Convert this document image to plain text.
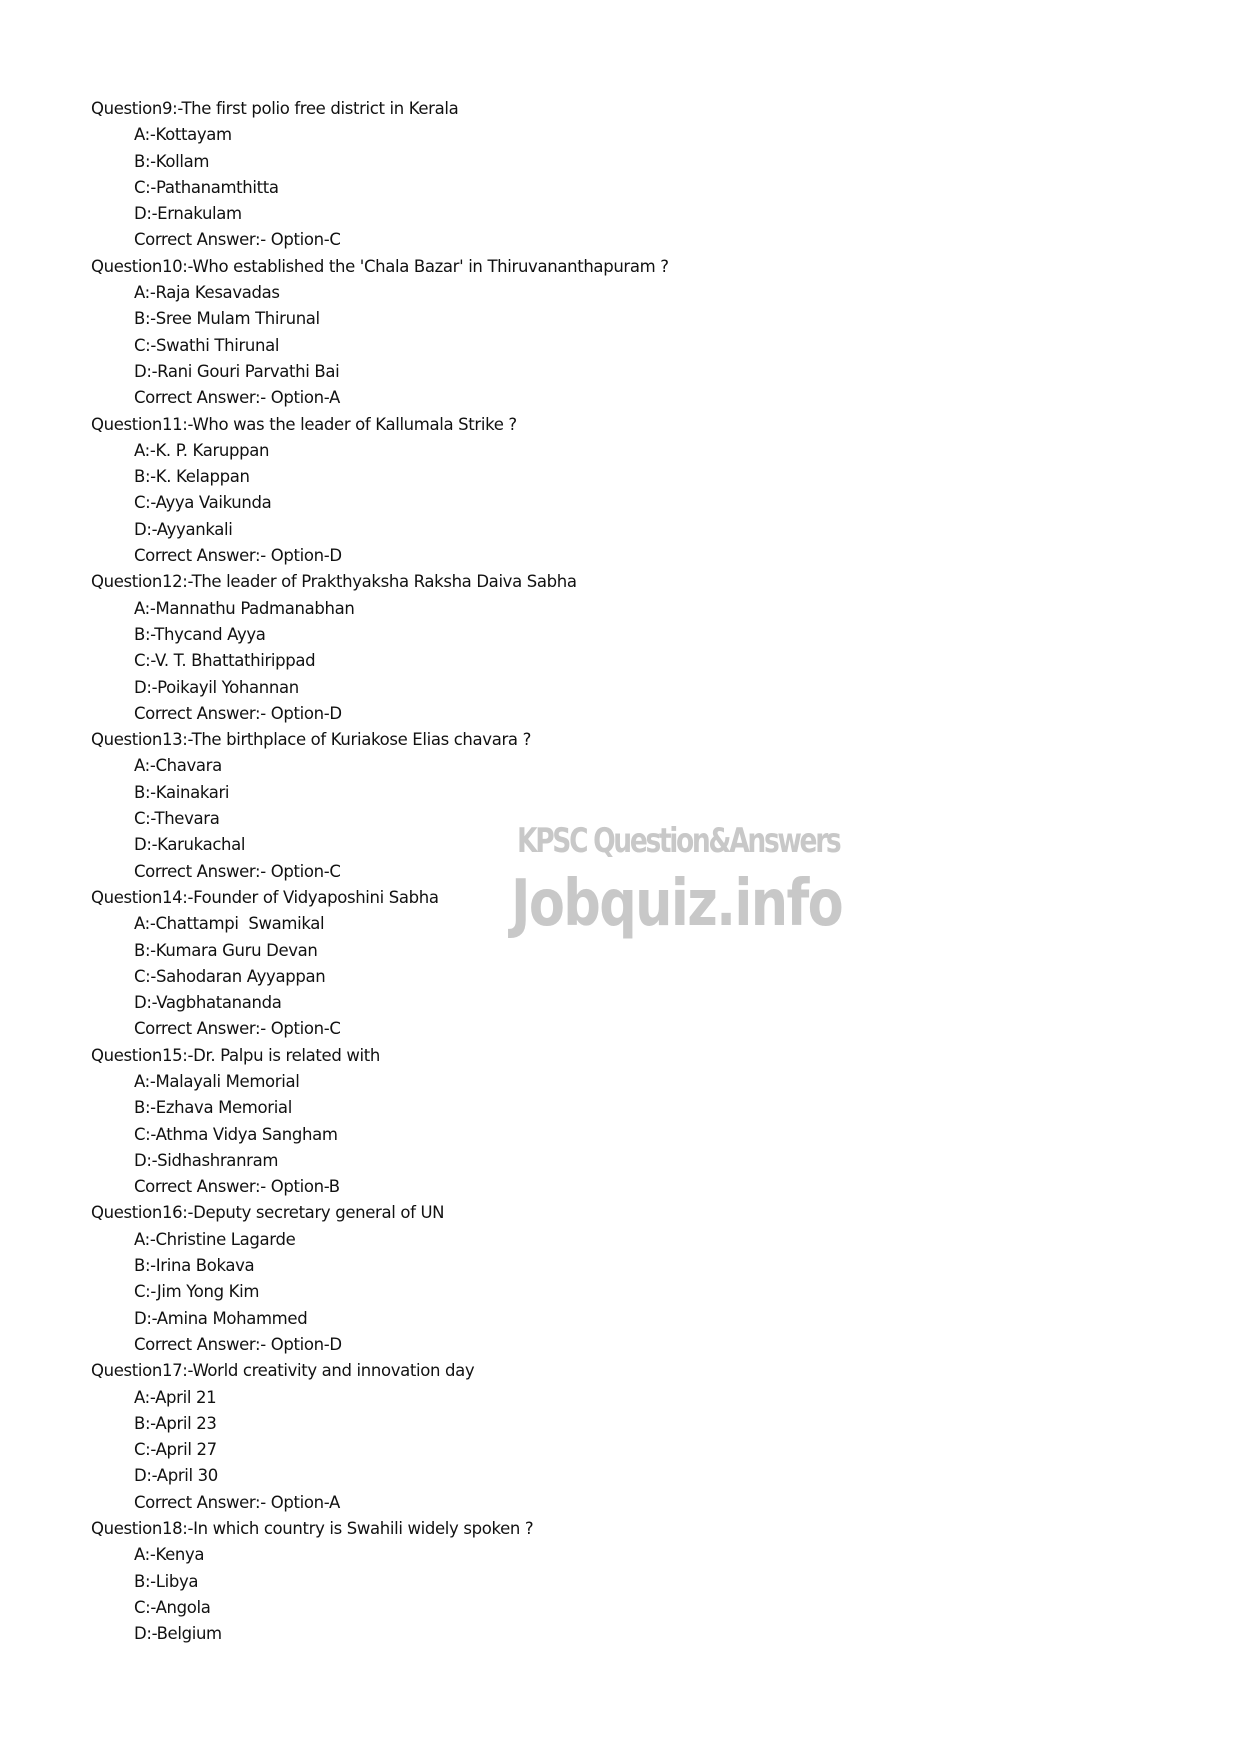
Question9:-The first polio free district in Kerala
A:-Kottayam
B:-Kollam
C:-Pathanamthitta
D:-Ernakulam
Correct Answer:- Option-C
Question10:-Who established the 'Chala Bazar' in Thiruvananthapuram ?
A:-Raja Kesavadas
B:-Sree Mulam Thirunal
C:-Swathi Thirunal
D:-Rani Gouri Parvathi Bai
Correct Answer:- Option-A
Question11:-Who was the leader of Kallumala Strike ?
A:-K. P. Karuppan
B:-K. Kelappan
C:-Ayya Vaikunda
D:-Ayyankali
Correct Answer:- Option-D
Question12:-The leader of Prakthyaksha Raksha Daiva Sabha
A:-Mannathu Padmanabhan
B:-Thycand Ayya
C:-V. T. Bhattathirippad
D:-Poikayil Yohannan
Correct Answer:- Option-D
Question13:-The birthplace of Kuriakose Elias chavara ?
A:-Chavara
B:-Kainakari
C:-Thevara
D:-Karukachal
Correct Answer:- Option-C
Question14:-Founder of Vidyaposhini Sabha
A:-Chattampi  Swamikal
B:-Kumara Guru Devan
C:-Sahodaran Ayyappan
D:-Vagbhatananda
Correct Answer:- Option-C
Question15:-Dr. Palpu is related with
A:-Malayali Memorial
B:-Ezhava Memorial
C:-Athma Vidya Sangham
D:-Sidhashranram
Correct Answer:- Option-B
Question16:-Deputy secretary general of UN
A:-Christine Lagarde
B:-Irina Bokava
C:-Jim Yong Kim
D:-Amina Mohammed
Correct Answer:- Option-D
Question17:-World creativity and innovation day
A:-April 21
B:-April 23
C:-April 27
D:-April 30
Correct Answer:- Option-A
Question18:-In which country is Swahili widely spoken ?
A:-Kenya
B:-Libya
C:-Angola
D:-Belgium
KPSC Question&Answers
Jobquiz.info
